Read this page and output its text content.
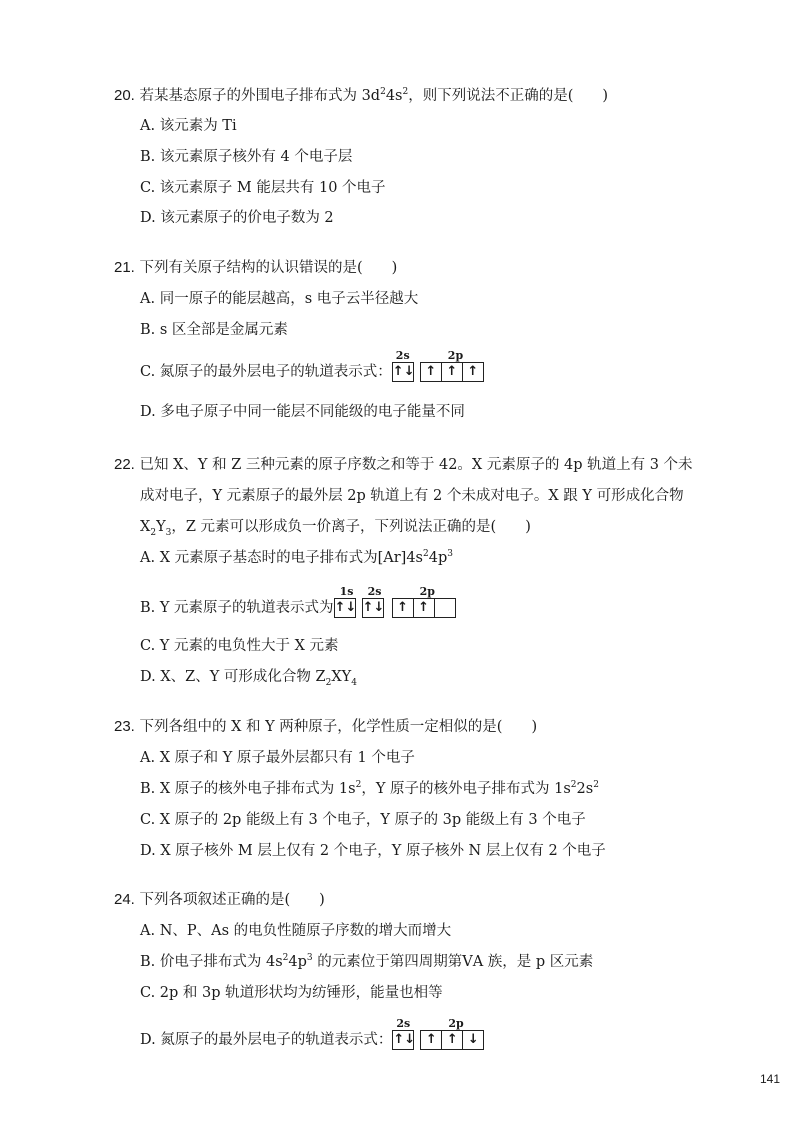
20. 若某基态原子的外围电子排布式为 $3d^24s^2$，则下列说法不正确的是(　　)
A. 该元素为 Ti
B. 该元素原子核外有 4 个电子层
C. 该元素原子 M 能层共有 10 个电子
D. 该元素原子的价电子数为 2
21. 下列有关原子结构的认识错误的是(　　)
A. 同一原子的能层越高，s 电子云半径越大
B. s 区全部是金属元素
C. 氮原子的最外层电子的轨道表示式：
2s	2p
↑↓ ↑ ↑ ↑
D. 多电子原子中同一能层不同能级的电子能量不同
22. 已知 X、Y 和 Z 三种元素的原子序数之和等于 42。X 元素原子的 4p 轨道上有 3 个未
成对电子，Y 元素原子的最外层 2p 轨道上有 2 个未成对电子。X 跟 Y 可形成化合物
$X_2Y_3$，Z 元素可以形成负一价离子，下列说法正确的是(　　)
A. X 元素原子基态时的电子排布式为$[Ar]4s^24p^3$
B. Y 元素原子的轨道表示式为
1s 2s	2p
↑↓ ↑↓ ↑ ↑
C. Y 元素的电负性大于 X 元素
D. X、Z、Y 可形成化合物 $Z_2XY_4$
23. 下列各组中的 X 和 Y 两种原子，化学性质一定相似的是(　　)
A. X 原子和 Y 原子最外层都只有 1 个电子
B. X 原子的核外电子排布式为 $1s^2$，Y 原子的核外电子排布式为 $1s^22s^2$
C. X 原子的 2p 能级上有 3 个电子，Y 原子的 3p 能级上有 3 个电子
D. X 原子核外 M 层上仅有 2 个电子，Y 原子核外 N 层上仅有 2 个电子
24. 下列各项叙述正确的是(　　)
A. N、P、As 的电负性随原子序数的增大而增大
B. 价电子排布式为 $4s^24p^3$ 的元素位于第四周期第ⅤA 族，是 p 区元素
C. 2p 和 3p 轨道形状均为纺锤形，能量也相等
D. 氮原子的最外层电子的轨道表示式：
2s	2p
↑↓ ↑ ↑ ↓
141
